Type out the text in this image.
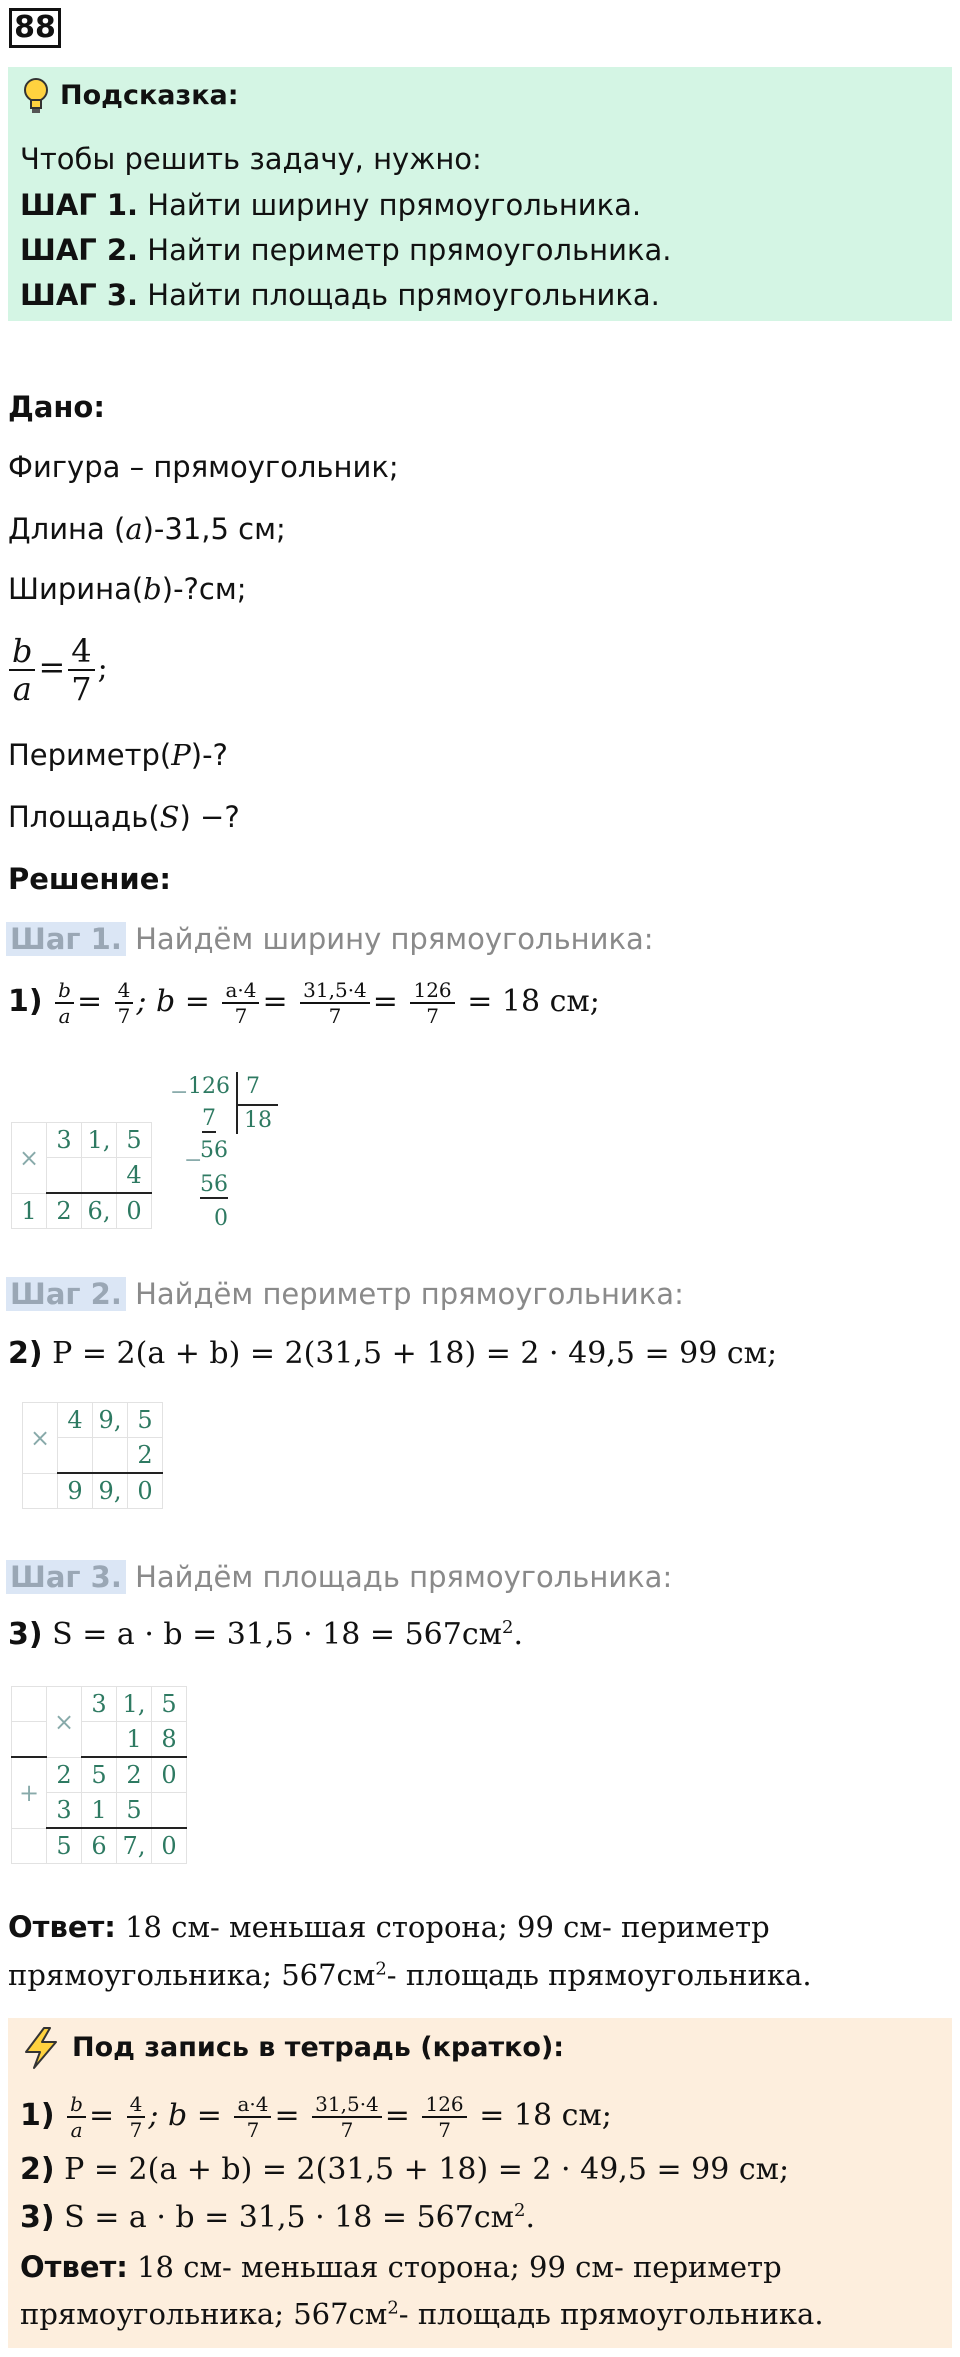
88
Подсказка:
Чтобы решить задачу, нужно:
ШАГ 1. Найти ширину прямоугольника.
ШАГ 2. Найти периметр прямоугольника.
ШАГ 3. Найти площадь прямоугольника.
Дано:
Фигура – прямоугольник;
Длина (a)-31,5 см;
Ширина(b)-?см;
$\frac{b}{a} = \frac{4}{7}$ ;
Периметр(P)-?
Площадь(S) −?
Решение:
Шаг 1. Найдём ширину прямоугольника:
$1) \frac{b}{a} = \frac{4}{7}$ ; $b = \frac{a\cdot 4}{7} = \frac{31,5\cdot 4}{7} = \frac{126}{7} = 18$ см;
×	3	1,	5
			4
1	2	6,	0
− 126 7
18
7
−
56
56
0
Шаг 2. Найдём периметр прямоугольника:
2) P = 2(a + b) = 2(31,5 + 18) = 2 · 49,5 = 99 см;
×	4	9,	5
			2
	9	9,	0
Шаг 3. Найдём площадь прямоугольника:
3) $S = a \cdot b = 31,5 \cdot 18 = 567см^2$.
	×	3	1,	5
			1	8
+	2	5	2	0
	3	1	5	
	5	6	7,	0
Ответ: 18 см- меньшая сторона; 99 см- периметр
прямоугольника; $567см^2-$ площадь прямоугольника.
Под запись в тетрадь (кратко):
$1) \frac{b}{a} = \frac{4}{7}$ ; $b = \frac{a\cdot 4}{7} = \frac{31,5\cdot 4}{7} = \frac{126}{7} = 18$ см;
2) P = 2(a + b) = 2(31,5 + 18) = 2 · 49,5 = 99 см;
3) $S = a \cdot b = 31,5 \cdot 18 = 567см^2$.
Ответ: 18 см- меньшая сторона; 99 см- периметр
прямоугольника; $567см^2-$ площадь прямоугольника.
